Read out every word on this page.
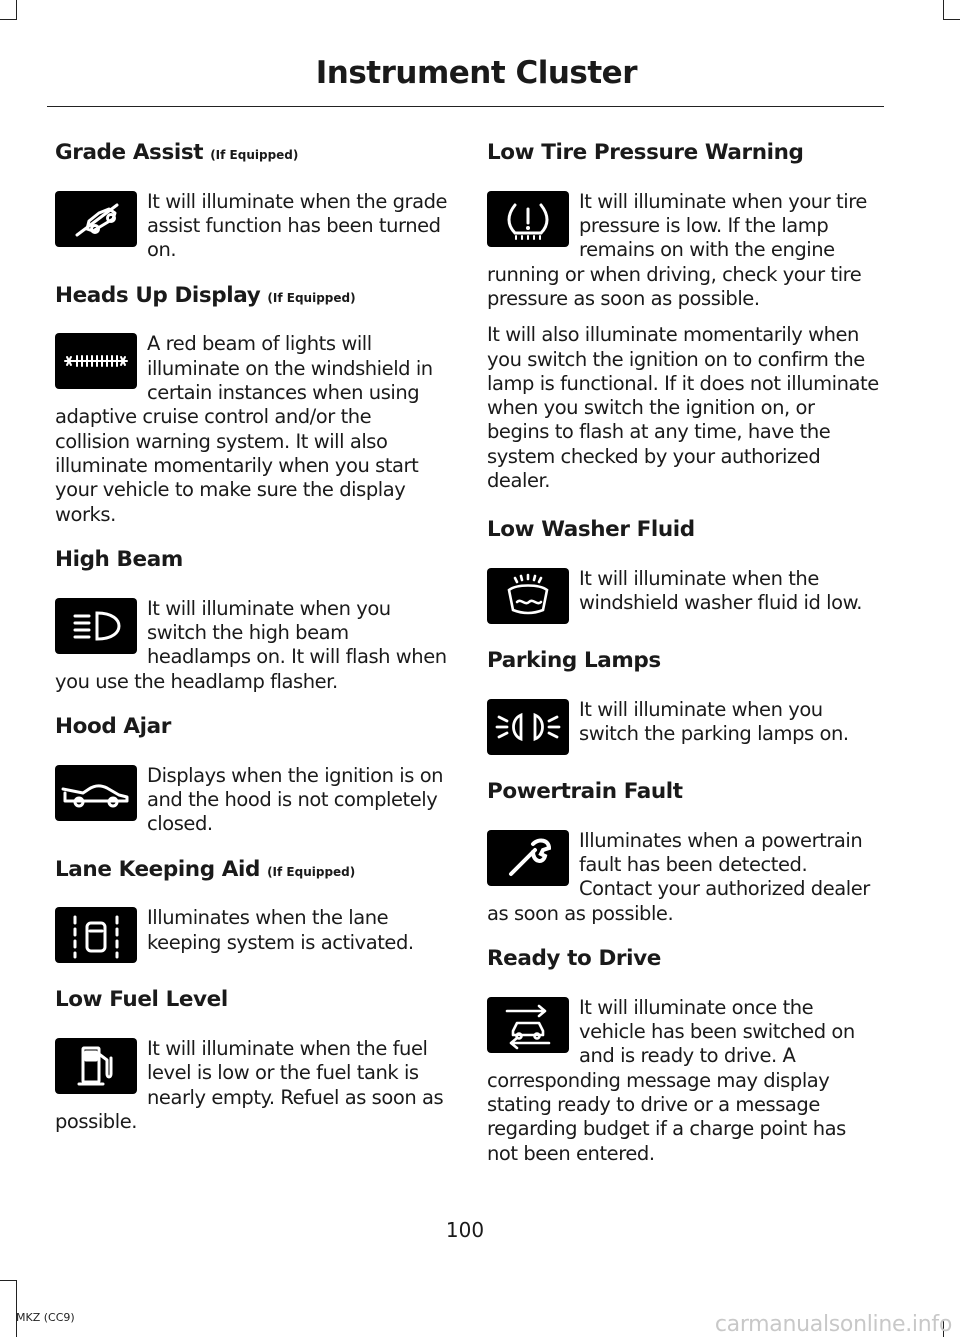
Instrument Cluster
Grade Assist (If Equipped)

It will illuminate when the grade assist function has been turned on.

Heads Up Display (If Equipped)

A red beam of lights will illuminate on the windshield in certain instances when using adaptive cruise control and/or the collision warning system. It will also illuminate momentarily when you start your vehicle to make sure the display works.

High Beam

It will illuminate when you switch the high beam headlamps on. It will flash when you use the headlamp flasher.

Hood Ajar

Displays when the ignition is on and the hood is not completely closed.

Lane Keeping Aid (If Equipped)

Illuminates when the lane keeping system is activated.

Low Fuel Level

It will illuminate when the fuel level is low or the fuel tank is nearly empty. Refuel as soon as possible.

Low Tire Pressure Warning

It will illuminate when your tire pressure is low. If the lamp remains on with the engine running or when driving, check your tire pressure as soon as possible.

It will also illuminate momentarily when you switch the ignition on to confirm the lamp is functional. If it does not illuminate when you switch the ignition on, or begins to flash at any time, have the system checked by your authorized dealer.

Low Washer Fluid

It will illuminate when the windshield washer fluid id low.

Parking Lamps

It will illuminate when you switch the parking lamps on.

Powertrain Fault

Illuminates when a powertrain fault has been detected. Contact your authorized dealer as soon as possible.

Ready to Drive

It will illuminate once the vehicle has been switched on and is ready to drive. A corresponding message may display stating ready to drive or a message regarding budget if a charge point has not been entered.

100
MKZ (CC9)	carmanualsonline.info
